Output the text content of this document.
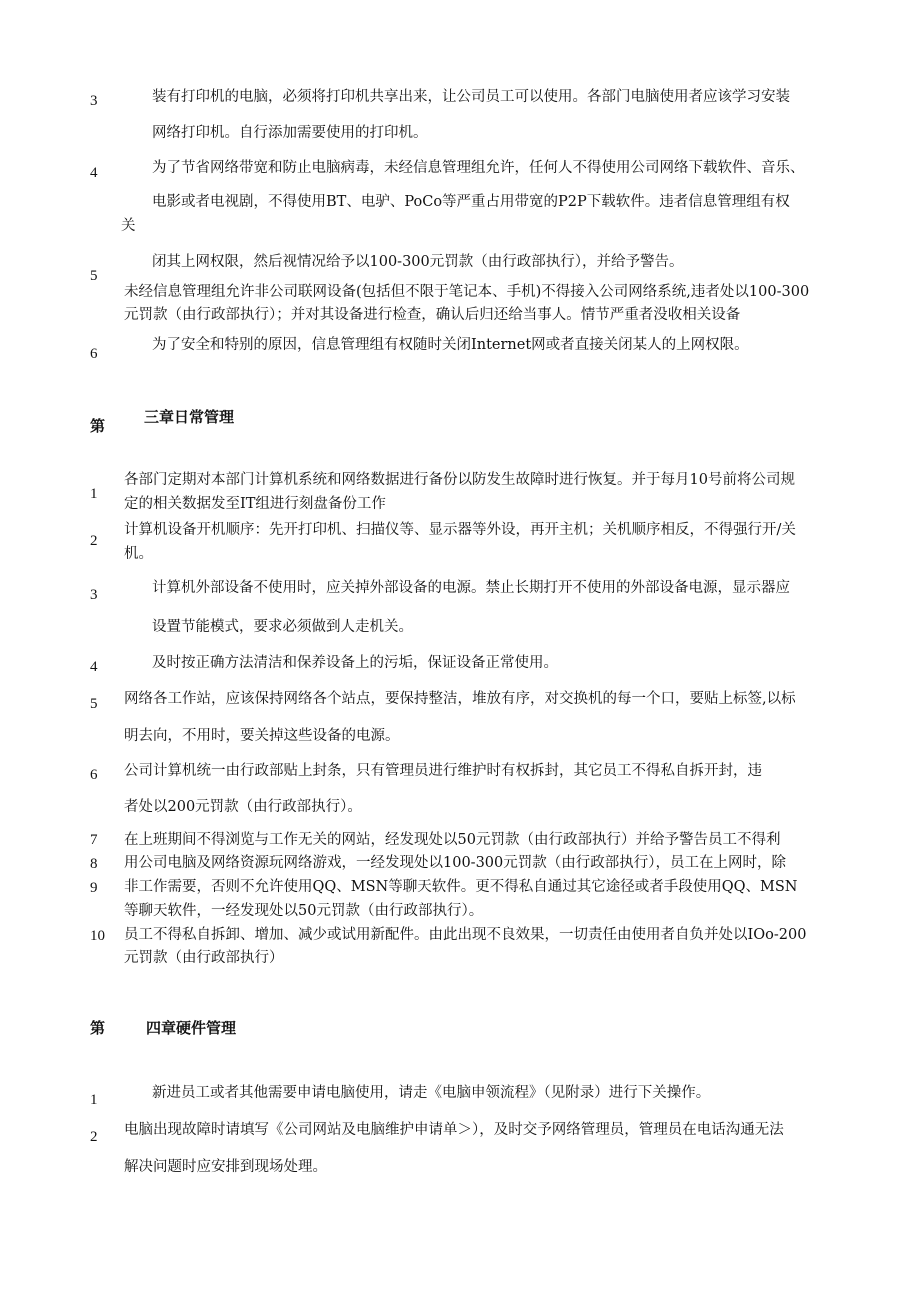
3	装有打印机的电脑，必须将打印机共享出来，让公司员工可以使用。各部门电脑使用者应该学习安装
网络打印机。自行添加需要使用的打印机。
4	为了节省网络带宽和防止电脑病毒，未经信息管理组允许，任何人不得使用公司网络下载软件、音乐、
电影或者电视剧，不得使用BT、电驴、PoCo等严重占用带宽的P2P下载软件。违者信息管理组有权
关
闭其上网权限，然后视情况给予以100-300元罚款（由行政部执行），并给予警告。
5
未经信息管理组允许非公司联网设备(包括但不限于笔记本、手机)不得接入公司网络系统,违者处以100-300
元罚款（由行政部执行）；并对其设备进行检查，确认后归还给当事人。情节严重者没收相关设备
6
为了安全和特别的原因，信息管理组有权随时关闭Internet网或者直接关闭某人的上网权限。
第	三章日常管理
1
各部门定期对本部门计算机系统和网络数据进行备份以防发生故障时进行恢复。并于每月10号前将公司规
定的相关数据发至IT组进行刻盘备份工作
2
计算机设备开机顺序：先开打印机、扫描仪等、显示器等外设，再开主机；关机顺序相反，不得强行开/关
机。
3	计算机外部设备不使用时，应关掉外部设备的电源。禁止长期打开不使用的外部设备电源，显示器应
设置节能模式，要求必须做到人走机关。
4	及时按正确方法清洁和保养设备上的污垢，保证设备正常使用。
5 网络各工作站，应该保持网络各个站点，要保持整洁，堆放有序，对交换机的每一个口，要贴上标签,以标
明去向，不用时，要关掉这些设备的电源。
6 公司计算机统一由行政部贴上封条，只有管理员进行维护时有权拆封，其它员工不得私自拆开封，违
者处以200元罚款（由行政部执行）。
7 在上班期间不得浏览与工作无关的网站，经发现处以50元罚款（由行政部执行）并给予警告员工不得利
8 用公司电脑及网络资源玩网络游戏，一经发现处以100-300元罚款（由行政部执行），员工在上网时，除
9 非工作需要，否则不允许使用QQ、MSN等聊天软件。更不得私自通过其它途径或者手段使用QQ、MSN
等聊天软件，一经发现处以50元罚款（由行政部执行）。
10 员工不得私自拆卸、增加、减少或试用新配件。由此出现不良效果，一切责任由使用者自负并处以IOo-200
元罚款（由行政部执行）
第	四章硬件管理
1	新进员工或者其他需要申请电脑使用，请走《电脑申领流程》（见附录）进行下关操作。
2 电脑出现故障时请填写《公司网站及电脑维护申请单＞），及时交予网络管理员，管理员在电话沟通无法
解决问题时应安排到现场处理。
